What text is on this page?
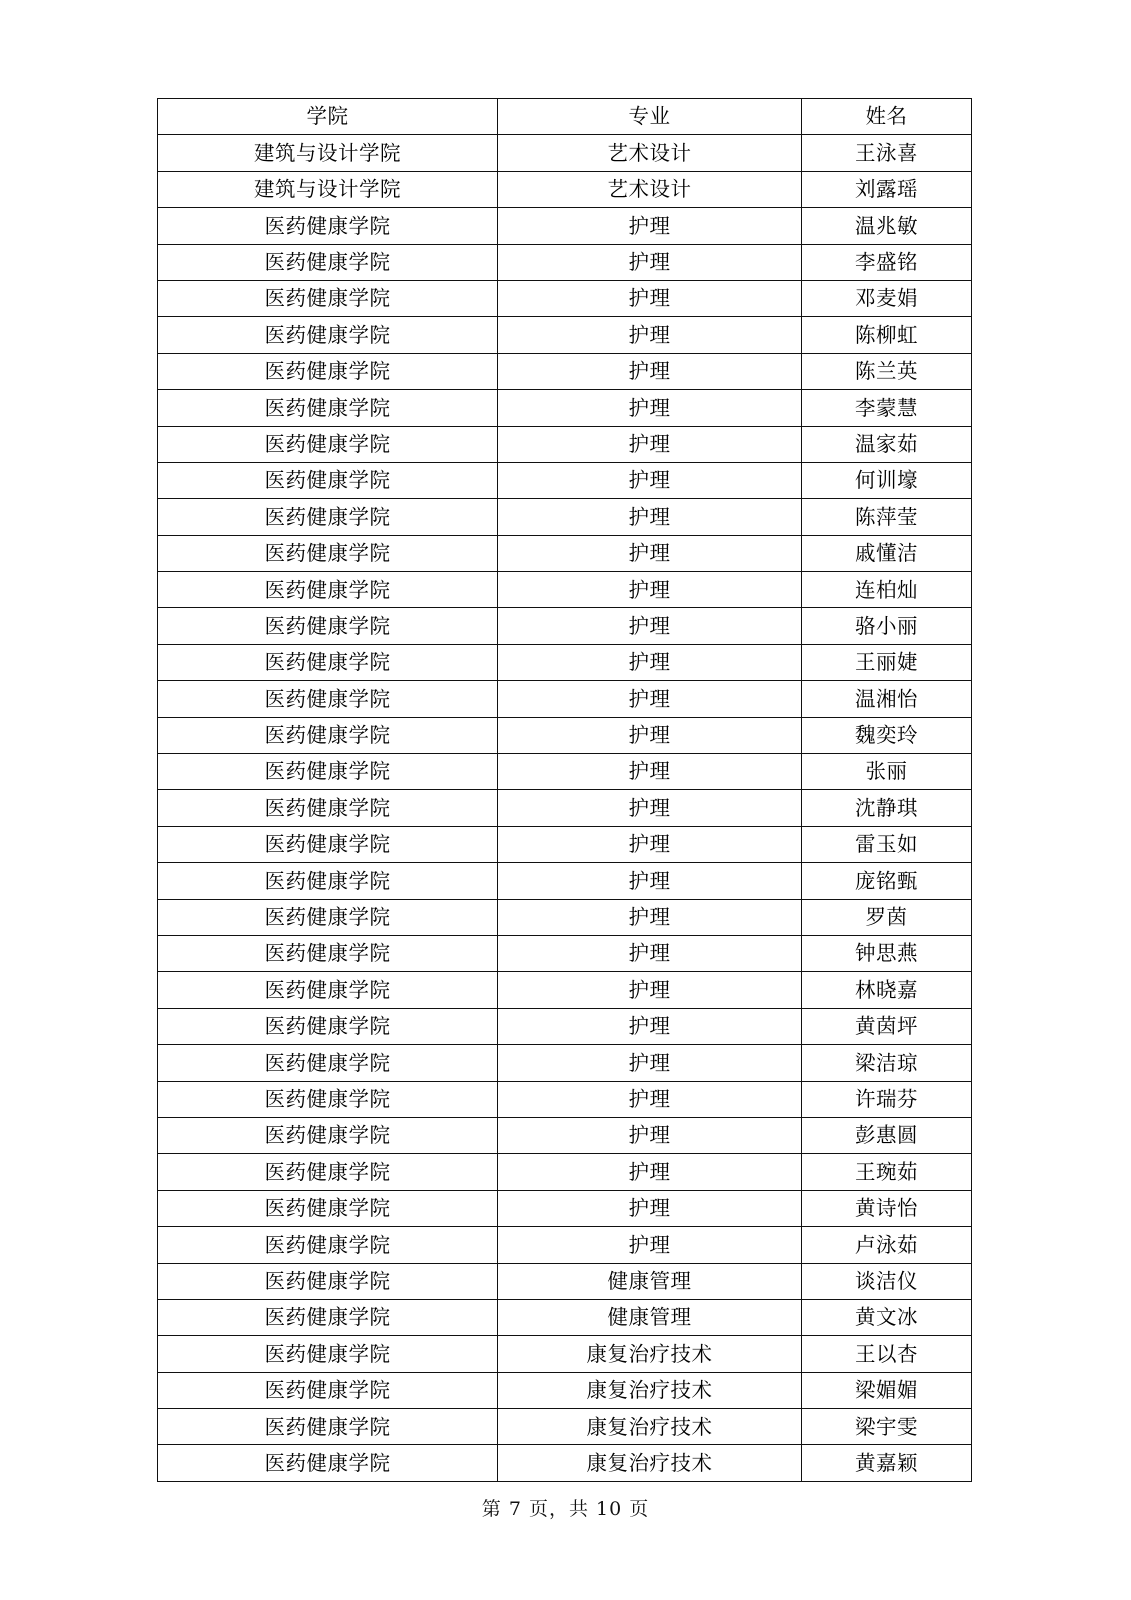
学院	专业	姓名
建筑与设计学院	艺术设计	王泳喜
建筑与设计学院	艺术设计	刘露瑶
医药健康学院	护理	温兆敏
医药健康学院	护理	李盛铭
医药健康学院	护理	邓麦娟
医药健康学院	护理	陈柳虹
医药健康学院	护理	陈兰英
医药健康学院	护理	李蒙慧
医药健康学院	护理	温家茹
医药健康学院	护理	何训壕
医药健康学院	护理	陈萍莹
医药健康学院	护理	戚懂洁
医药健康学院	护理	连柏灿
医药健康学院	护理	骆小丽
医药健康学院	护理	王丽婕
医药健康学院	护理	温湘怡
医药健康学院	护理	魏奕玲
医药健康学院	护理	张丽
医药健康学院	护理	沈静琪
医药健康学院	护理	雷玉如
医药健康学院	护理	庞铭甄
医药健康学院	护理	罗茵
医药健康学院	护理	钟思燕
医药健康学院	护理	林晓嘉
医药健康学院	护理	黄茵坪
医药健康学院	护理	梁洁琼
医药健康学院	护理	许瑞芬
医药健康学院	护理	彭惠圆
医药健康学院	护理	王琬茹
医药健康学院	护理	黄诗怡
医药健康学院	护理	卢泳茹
医药健康学院	健康管理	谈洁仪
医药健康学院	健康管理	黄文冰
医药健康学院	康复治疗技术	王以杏
医药健康学院	康复治疗技术	梁媚媚
医药健康学院	康复治疗技术	梁宇雯
医药健康学院	康复治疗技术	黄嘉颖
第 7 页，共 10 页
